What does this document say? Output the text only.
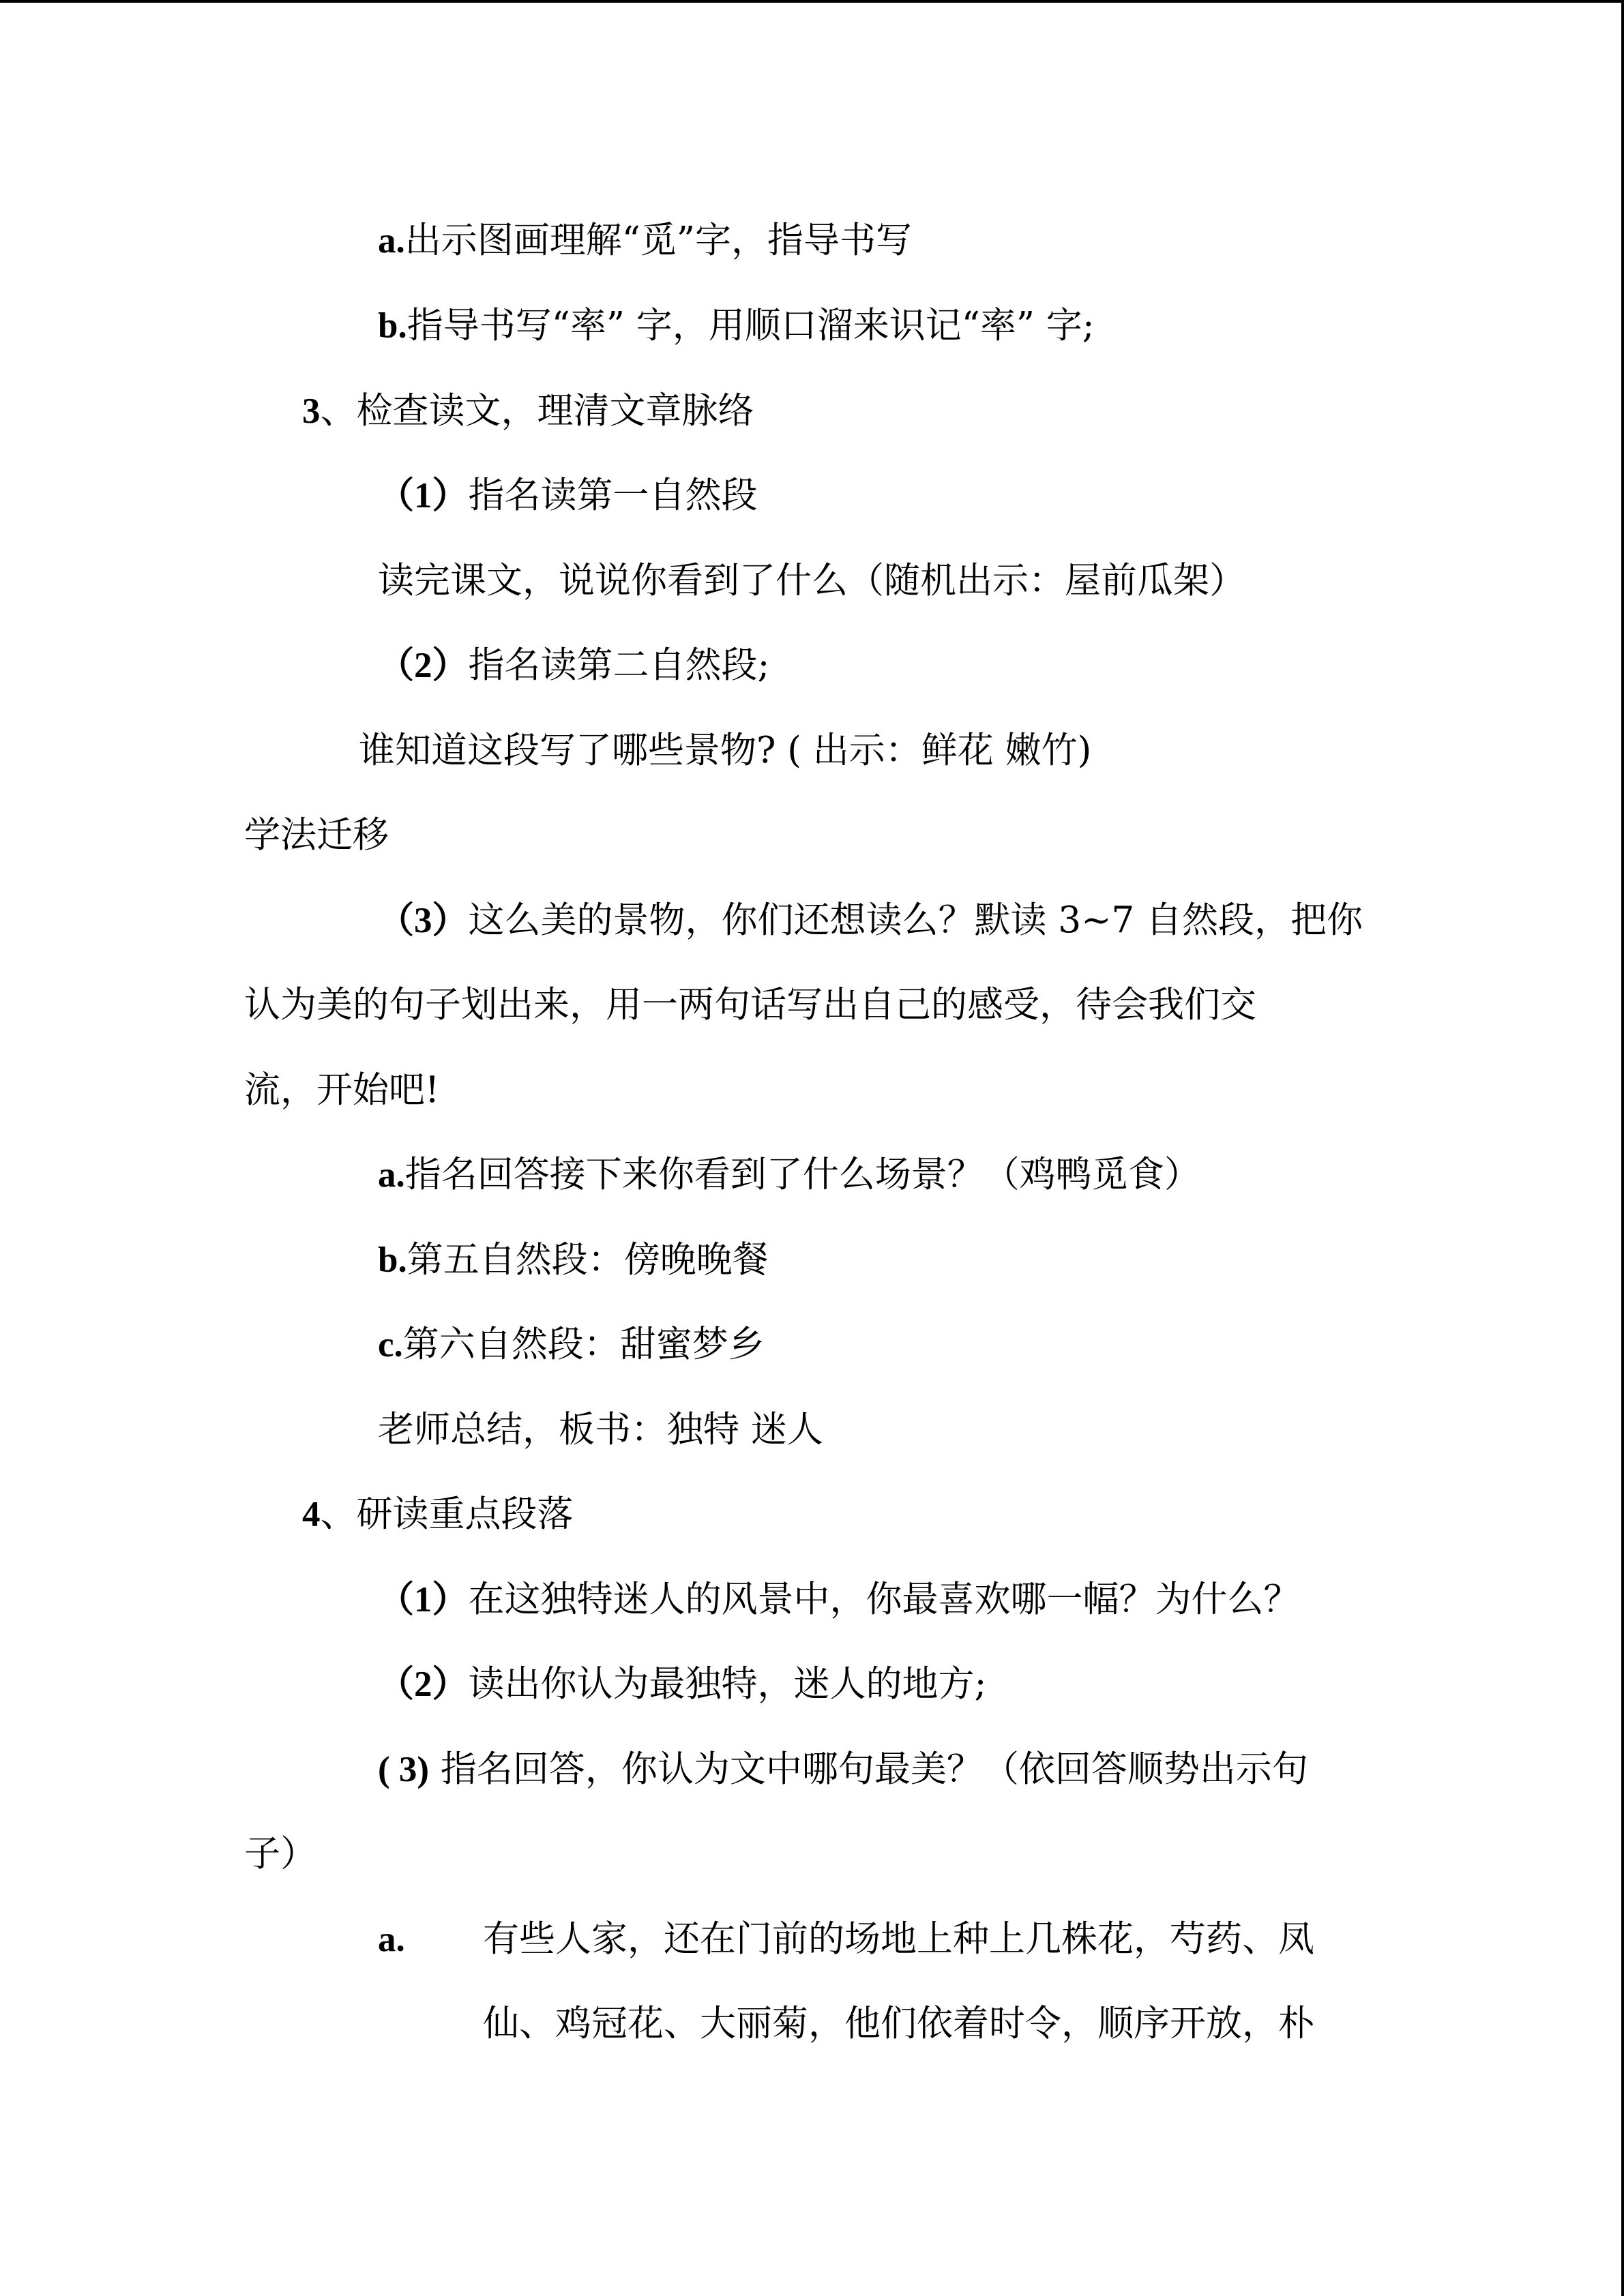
a.出示图画理解“觅”字，指导书写
b.指导书写“率” 字，用顺口溜来识记“率” 字;
3、检查读文，理清文章脉络
（1）指名读第一自然段
读完课文，说说你看到了什么（随机出示：屋前瓜架）
（2）指名读第二自然段;
谁知道这段写了哪些景物? ( 出示：鲜花 嫩竹)
学法迁移
（3）这么美的景物，你们还想读么？默读 3~7 自然段，把你
认为美的句子划出来，用一两句话写出自己的感受，待会我们交
流，开始吧!
a.指名回答接下来你看到了什么场景？（鸡鸭觅食）
b.第五自然段：傍晚晚餐
c.第六自然段：甜蜜梦乡
老师总结，板书：独特 迷人
4、研读重点段落
（1）在这独特迷人的风景中，你最喜欢哪一幅？为什么？
（2）读出你认为最独特，迷人的地方;
( 3) 指名回答，你认为文中哪句最美？（依回答顺势出示句
子）
a. 有些人家，还在门前的场地上种上几株花，芍药、凤
仙、鸡冠花、大丽菊，他们依着时令，顺序开放，朴
